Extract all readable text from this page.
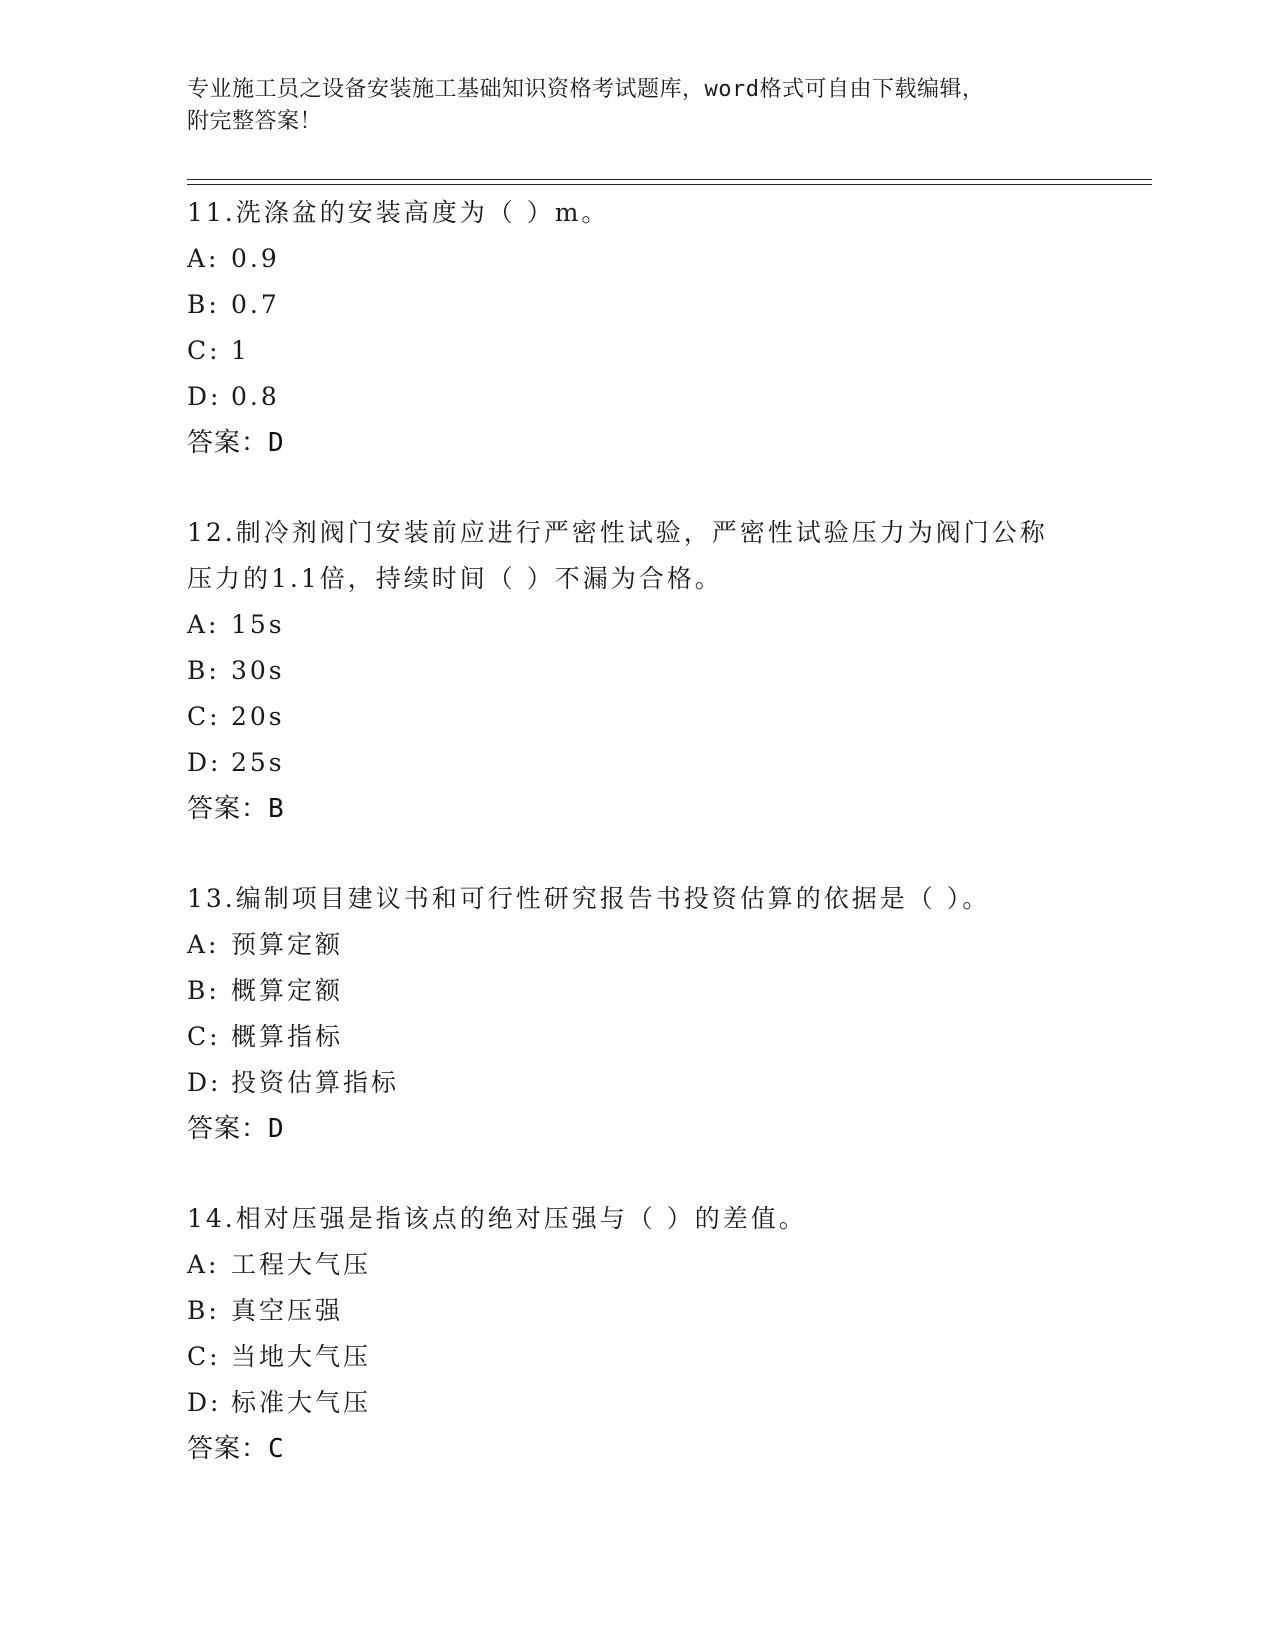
专业施工员之设备安装施工基础知识资格考试题库，word格式可自由下载编辑，
附完整答案！
11.洗涤盆的安装高度为（ ）m。
A: 0.9
B: 0.7
C: 1
D: 0.8
答案：D
12.制冷剂阀门安装前应进行严密性试验，严密性试验压力为阀门公称
压力的1.1倍，持续时间（ ）不漏为合格。
A: 15s
B: 30s
C: 20s
D: 25s
答案：B
13.编制项目建议书和可行性研究报告书投资估算的依据是（ ）。
A: 预算定额
B: 概算定额
C: 概算指标
D: 投资估算指标
答案：D
14.相对压强是指该点的绝对压强与（ ）的差值。
A: 工程大气压
B: 真空压强
C: 当地大气压
D: 标准大气压
答案：C
